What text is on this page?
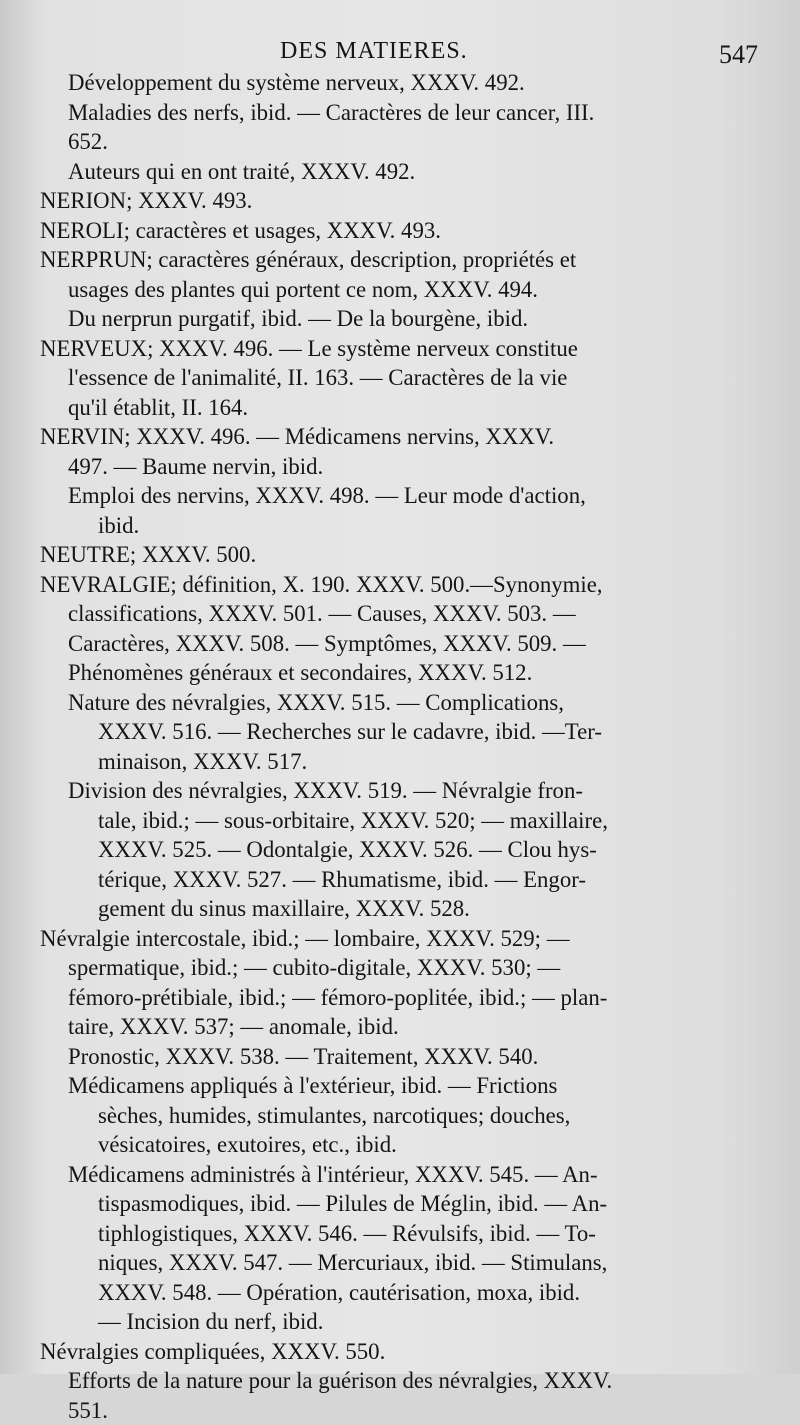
DES MATIERES.	547
Développement du système nerveux, XXXV. 492.
Maladies des nerfs, ibid. — Caractères de leur cancer, III.
652.
Auteurs qui en ont traité, XXXV. 492.
NERION; XXXV. 493.
NEROLI; caractères et usages, XXXV. 493.
NERPRUN; caractères généraux, description, propriétés et
usages des plantes qui portent ce nom, XXXV. 494.
Du nerprun purgatif, ibid. — De la bourgène, ibid.
NERVEUX; XXXV. 496. — Le système nerveux constitue
l'essence de l'animalité, II. 163. — Caractères de la vie
qu'il établit, II. 164.
NERVIN; XXXV. 496. — Médicamens nervins, XXXV.
497. — Baume nervin, ibid.
Emploi des nervins, XXXV. 498. — Leur mode d'action,
ibid.
NEUTRE; XXXV. 500.
NEVRALGIE; définition, X. 190. XXXV. 500.—Synonymie,
classifications, XXXV. 501. — Causes, XXXV. 503. —
Caractères, XXXV. 508. — Symptômes, XXXV. 509. —
Phénomènes généraux et secondaires, XXXV. 512.
Nature des névralgies, XXXV. 515. — Complications,
XXXV. 516. — Recherches sur le cadavre, ibid. —Ter-
minaison, XXXV. 517.
Division des névralgies, XXXV. 519. — Névralgie fron-
tale, ibid.; — sous-orbitaire, XXXV. 520; — maxillaire,
XXXV. 525. — Odontalgie, XXXV. 526. — Clou hys-
térique, XXXV. 527. — Rhumatisme, ibid. — Engor-
gement du sinus maxillaire, XXXV. 528.
Névralgie intercostale, ibid.; — lombaire, XXXV. 529; —
spermatique, ibid.; — cubito-digitale, XXXV. 530; —
fémoro-prétibiale, ibid.; — fémoro-poplitée, ibid.; — plan-
taire, XXXV. 537; — anomale, ibid.
Pronostic, XXXV. 538. — Traitement, XXXV. 540.
Médicamens appliqués à l'extérieur, ibid. — Frictions
sèches, humides, stimulantes, narcotiques; douches,
vésicatoires, exutoires, etc., ibid.
Médicamens administrés à l'intérieur, XXXV. 545. — An-
tispasmodiques, ibid. — Pilules de Méglin, ibid. — An-
tiphlogistiques, XXXV. 546. — Révulsifs, ibid. — To-
niques, XXXV. 547. — Mercuriaux, ibid. — Stimulans,
XXXV. 548. — Opération, cautérisation, moxa, ibid.
— Incision du nerf, ibid.
Névralgies compliquées, XXXV. 550.
Efforts de la nature pour la guérison des névralgies, XXXV.
551.
